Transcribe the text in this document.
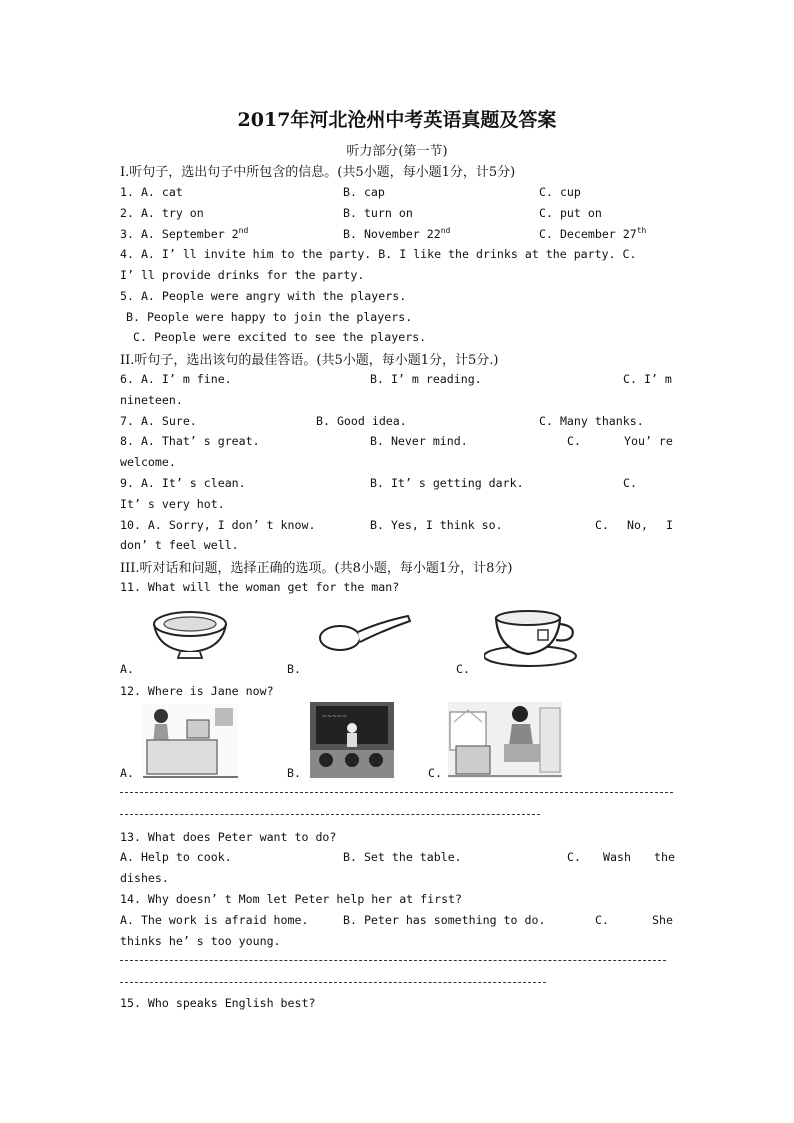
2017年河北沧州中考英语真题及答案
听力部分(第一节)
I.听句子，选出句子中所包含的信息。(共5小题，每小题1分，计5分)
1. A. cat	B. cap	C. cup
2. A. try on	B. turn on	C. put on
3. A. September 2nd	B. November 22nd	C. December 27th
4. A. I’ ll invite him to the party. B. I like the drinks at the party. C.
I’ ll provide drinks for the party.
5. A. People were angry with the players.
B. People were happy to join the players.
C. People were excited to see the players.
II.听句子，选出该句的最佳答语。(共5小题，每小题1分，计5分.)
6. A. I’ m fine.	B. I’ m reading.	C. I’ m
nineteen.
7. A. Sure.	B. Good idea.	C. Many thanks.
8. A. That’ s great.	B. Never mind.	C.	You’ re
welcome.
9. A. It’ s clean.	B. It’ s getting dark.	C.
It’ s very hot.
10. A. Sorry, I don’ t know.	B. Yes, I think so.	C. No, I
don’ t feel well.
III.听对话和问题，选择正确的选项。(共8小题，每小题1分，计8分)
11. What will the woman get for the man?
A.	B.	C.
12. Where is Jane now?
~~~~~
A.	B.	C.
13. What does Peter want to do?
A. Help to cook.	B. Set the table.	C. Wash the
dishes.
14. Why doesn’ t Mom let Peter help her at first?
A. The work is afraid home.	B. Peter has something to do.	C.	She
thinks he’ s too young.
15. Who speaks English best?
